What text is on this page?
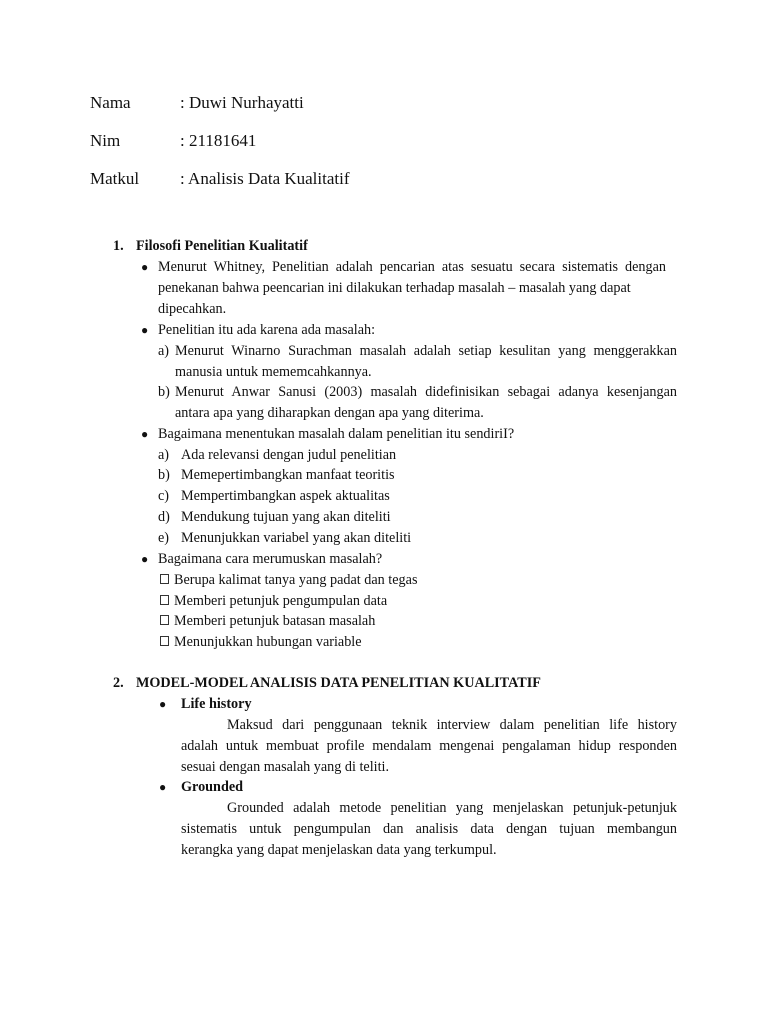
Nama	: Duwi Nurhayatti
Nim	: 21181641
Matkul	: Analisis Data Kualitatif
1. Filosofi Penelitian Kualitatif
● Menurut Whitney, Penelitian adalah pencarian atas sesuatu secara sistematis dengan
penekanan bahwa peencarian ini dilakukan terhadap masalah – masalah yang dapat
dipecahkan.
● Penelitian itu ada karena ada masalah:
a) Menurut Winarno Surachman masalah adalah setiap kesulitan yang menggerakkan
manusia untuk mememcahkannya.
b) Menurut Anwar Sanusi (2003) masalah didefinisikan sebagai adanya kesenjangan
antara apa yang diharapkan dengan apa yang diterima.
● Bagaimana menentukan masalah dalam penelitian itu sendiriI?
a) Ada relevansi dengan judul penelitian
b) Memepertimbangkan manfaat teoritis
c) Mempertimbangkan aspek aktualitas
d) Mendukung tujuan yang akan diteliti
e) Menunjukkan variabel yang akan diteliti
● Bagaimana cara merumuskan masalah?
Berupa kalimat tanya yang padat dan tegas
Memberi petunjuk pengumpulan data
Memberi petunjuk batasan masalah
Menunjukkan hubungan variable
2. MODEL-MODEL ANALISIS DATA PENELITIAN KUALITATIF
● Life history
Maksud dari penggunaan teknik interview dalam penelitian life history
adalah untuk membuat profile mendalam mengenai pengalaman hidup responden
sesuai dengan masalah yang di teliti.
● Grounded
Grounded adalah metode penelitian yang menjelaskan petunjuk-petunjuk
sistematis untuk pengumpulan dan analisis data dengan tujuan membangun
kerangka yang dapat menjelaskan data yang terkumpul.
